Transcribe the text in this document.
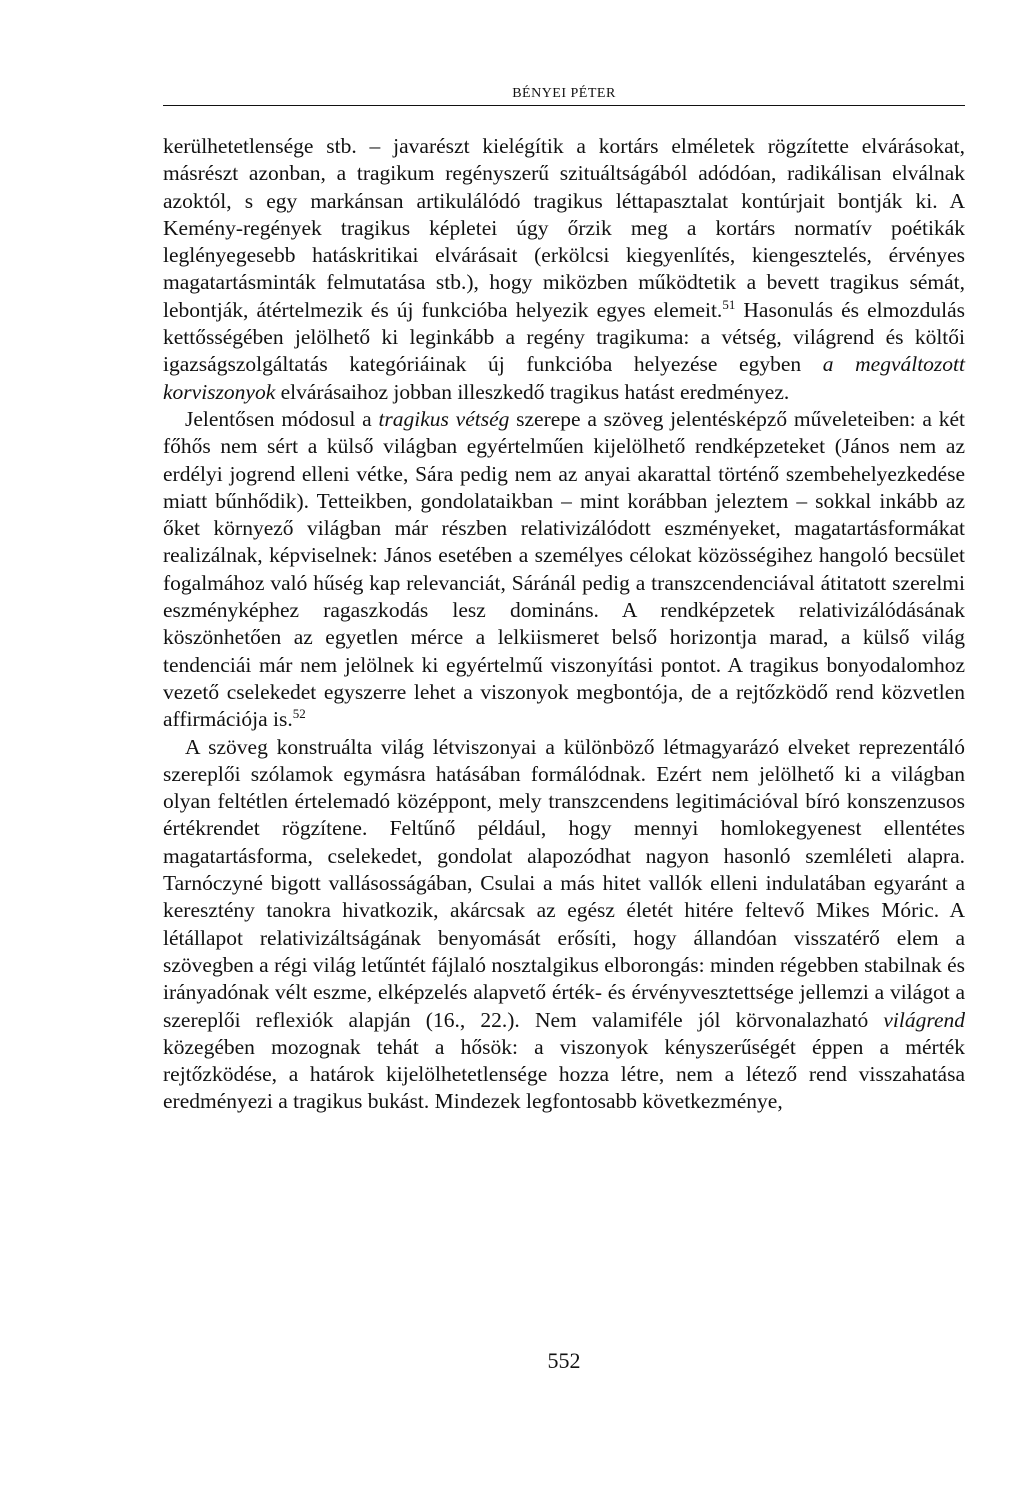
BÉNYEI PÉTER

kerülhetetlensége stb. – javarészt kielégítik a kortárs elméletek rögzítette elvárásokat, másrészt azonban, a tragikum regényszerű szituáltságából adódóan, radikálisan elválnak azoktól, s egy markánsan artikulálódó tragikus léttapasztalat kontúrjait bontják ki. A Kemény-regények tragikus képletei úgy őrzik meg a kortárs normatív poétikák leglényegesebb hatáskritikai elvárásait (erkölcsi kiegyenlítés, kiengesztelés, érvényes magatartásminták felmutatása stb.), hogy miközben működtetik a bevett tragikus sémát, lebontják, átértelmezik és új funkcióba helyezik egyes elemeit.$^{51}$ Hasonulás és elmozdulás kettősségében jelölhető ki leginkább a regény tragikuma: a vétség, világrend és költői igazságszolgáltatás kategóriáinak új funkcióba helyezése egyben a megváltozott korviszonyok elvárásaihoz jobban illeszkedő tragikus hatást eredményez.

Jelentősen módosul a tragikus vétség szerepe a szöveg jelentésképző műveleteiben: a két főhős nem sért a külső világban egyértelműen kijelölhető rendképzeteket (János nem az erdélyi jogrend elleni vétke, Sára pedig nem az anyai akarattal történő szembehelyezkedése miatt bűnhődik). Tetteikben, gondolataikban – mint korábban jeleztem – sokkal inkább az őket környező világban már részben relativizálódott eszményeket, magatartásformákat realizálnak, képviselnek: János esetében a személyes célokat közösségihez hangoló becsület fogalmához való hűség kap relevanciát, Sáránál pedig a transzcendenciával átitatott szerelmi eszményképhez ragaszkodás lesz domináns. A rendképzetek relativizálódásának köszönhetően az egyetlen mérce a lelkiismeret belső horizontja marad, a külső világ tendenciái már nem jelölnek ki egyértelmű viszonyítási pontot. A tragikus bonyodalomhoz vezető cselekedet egyszerre lehet a viszonyok megbontója, de a rejtőzködő rend közvetlen affirmációja is.$^{52}$

A szöveg konstruálta világ létviszonyai a különböző létmagyarázó elveket reprezentáló szereplői szólamok egymásra hatásában formálódnak. Ezért nem jelölhető ki a világban olyan feltétlen értelemadó középpont, mely transzcendens legitimációval bíró konszenzusos értékrendet rögzítene. Feltűnő például, hogy mennyi homlokegyenest ellentétes magatartásforma, cselekedet, gondolat alapozódhat nagyon hasonló szemléleti alapra. Tarnóczyné bigott vallásosságában, Csulai a más hitet vallók elleni indulatában egyaránt a keresztény tanokra hivatkozik, akárcsak az egész életét hitére feltevő Mikes Móric. A létállapot relativizáltságának benyomását erősíti, hogy állandóan visszatérő elem a szövegben a régi világ letűntét fájlaló nosztalgikus elborongás: minden régebben stabilnak és irányadónak vélt eszme, elképzelés alapvető érték- és érvényvesztettsége jellemzi a világot a szereplői reflexiók alapján (16., 22.). Nem valamiféle jól körvonalazható világrend közegében mozognak tehát a hősök: a viszonyok kényszerűségét éppen a mérték rejtőzködése, a határok kijelölhetetlensége hozza létre, nem a létező rend visszahatása eredményezi a tragikus bukást. Mindezek legfontosabb következménye,

552
